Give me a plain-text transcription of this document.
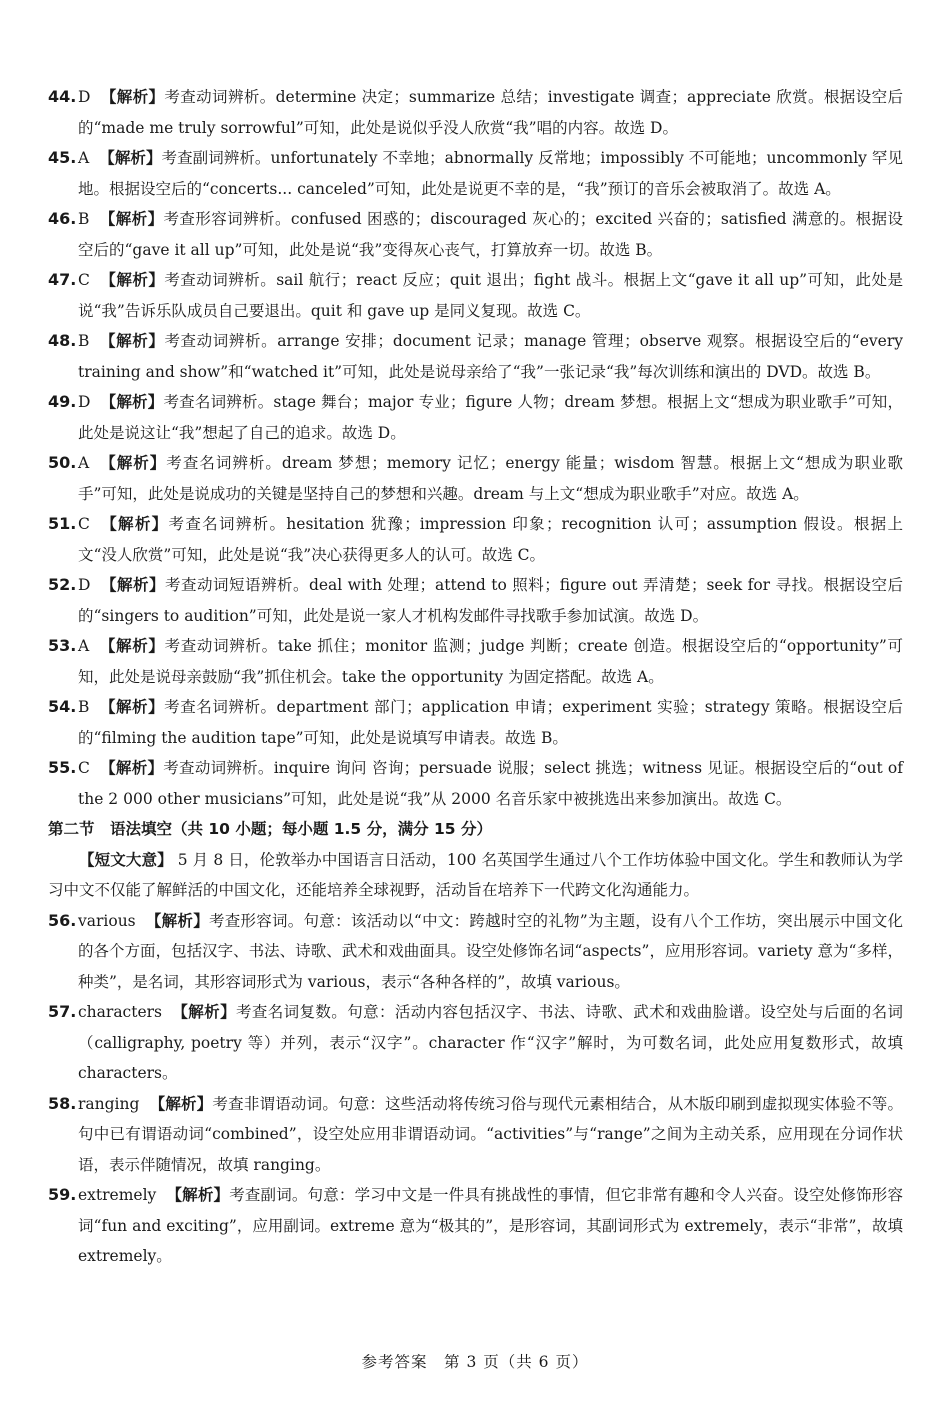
44. D 【解析】考查动词辨析。determine 决定；summarize 总结；investigate 调查；appreciate 欣赏。根据设空后的“made me truly sorrowful”可知，此处是说似乎没人欣赏“我”唱的内容。故选 D。
45. A 【解析】考查副词辨析。unfortunately 不幸地；abnormally 反常地；impossibly 不可能地；uncommonly 罕见地。根据设空后的“concerts... canceled”可知，此处是说更不幸的是，“我”预订的音乐会被取消了。故选 A。
46. B 【解析】考查形容词辨析。confused 困惑的；discouraged 灰心的；excited 兴奋的；satisfied 满意的。根据设空后的“gave it all up”可知，此处是说“我”变得灰心丧气，打算放弃一切。故选 B。
47. C 【解析】考查动词辨析。sail 航行；react 反应；quit 退出；fight 战斗。根据上文“gave it all up”可知，此处是说“我”告诉乐队成员自己要退出。quit 和 gave up 是同义复现。故选 C。
48. B 【解析】考查动词辨析。arrange 安排；document 记录；manage 管理；observe 观察。根据设空后的“every training and show”和“watched it”可知，此处是说母亲给了“我”一张记录“我”每次训练和演出的 DVD。故选 B。
49. D 【解析】考查名词辨析。stage 舞台；major 专业；figure 人物；dream 梦想。根据上文“想成为职业歌手”可知，此处是说这让“我”想起了自己的追求。故选 D。
50. A 【解析】考查名词辨析。dream 梦想；memory 记忆；energy 能量；wisdom 智慧。根据上文“想成为职业歌手”可知，此处是说成功的关键是坚持自己的梦想和兴趣。dream 与上文“想成为职业歌手”对应。故选 A。
51. C 【解析】考查名词辨析。hesitation 犹豫；impression 印象；recognition 认可；assumption 假设。根据上文“没人欣赏”可知，此处是说“我”决心获得更多人的认可。故选 C。
52. D 【解析】考查动词短语辨析。deal with 处理；attend to 照料；figure out 弄清楚；seek for 寻找。根据设空后的“singers to audition”可知，此处是说一家人才机构发邮件寻找歌手参加试演。故选 D。
53. A 【解析】考查动词辨析。take 抓住；monitor 监测；judge 判断；create 创造。根据设空后的“opportunity”可知，此处是说母亲鼓励“我”抓住机会。take the opportunity 为固定搭配。故选 A。
54. B 【解析】考查名词辨析。department 部门；application 申请；experiment 实验；strategy 策略。根据设空后的“filming the audition tape”可知，此处是说填写申请表。故选 B。
55. C 【解析】考查动词辨析。inquire 询问 咨询；persuade 说服；select 挑选；witness 见证。根据设空后的“out of the 2 000 other musicians”可知，此处是说“我”从 2000 名音乐家中被挑选出来参加演出。故选 C。
第二节　语法填空（共 10 小题；每小题 1.5 分，满分 15 分）
【短文大意】 5 月 8 日，伦敦举办中国语言日活动，100 名英国学生通过八个工作坊体验中国文化。学生和教师认为学习中文不仅能了解鲜活的中国文化，还能培养全球视野，活动旨在培养下一代跨文化沟通能力。
56. various 【解析】考查形容词。句意：该活动以“中文：跨越时空的礼物”为主题，设有八个工作坊，突出展示中国文化的各个方面，包括汉字、书法、诗歌、武术和戏曲面具。设空处修饰名词“aspects”，应用形容词。variety 意为“多样，种类”，是名词，其形容词形式为 various，表示“各种各样的”，故填 various。
57. characters 【解析】考查名词复数。句意：活动内容包括汉字、书法、诗歌、武术和戏曲脸谱。设空处与后面的名词（calligraphy, poetry 等）并列，表示“汉字”。character 作“汉字”解时，为可数名词，此处应用复数形式，故填 characters。
58. ranging 【解析】考查非谓语动词。句意：这些活动将传统习俗与现代元素相结合，从木版印刷到虚拟现实体验不等。句中已有谓语动词“combined”，设空处应用非谓语动词。“activities”与“range”之间为主动关系，应用现在分词作状语，表示伴随情况，故填 ranging。
59. extremely 【解析】考查副词。句意：学习中文是一件具有挑战性的事情，但它非常有趣和令人兴奋。设空处修饰形容词“fun and exciting”，应用副词。extreme 意为“极其的”，是形容词，其副词形式为 extremely，表示“非常”，故填 extremely。
参考答案　第 3 页（共 6 页）
